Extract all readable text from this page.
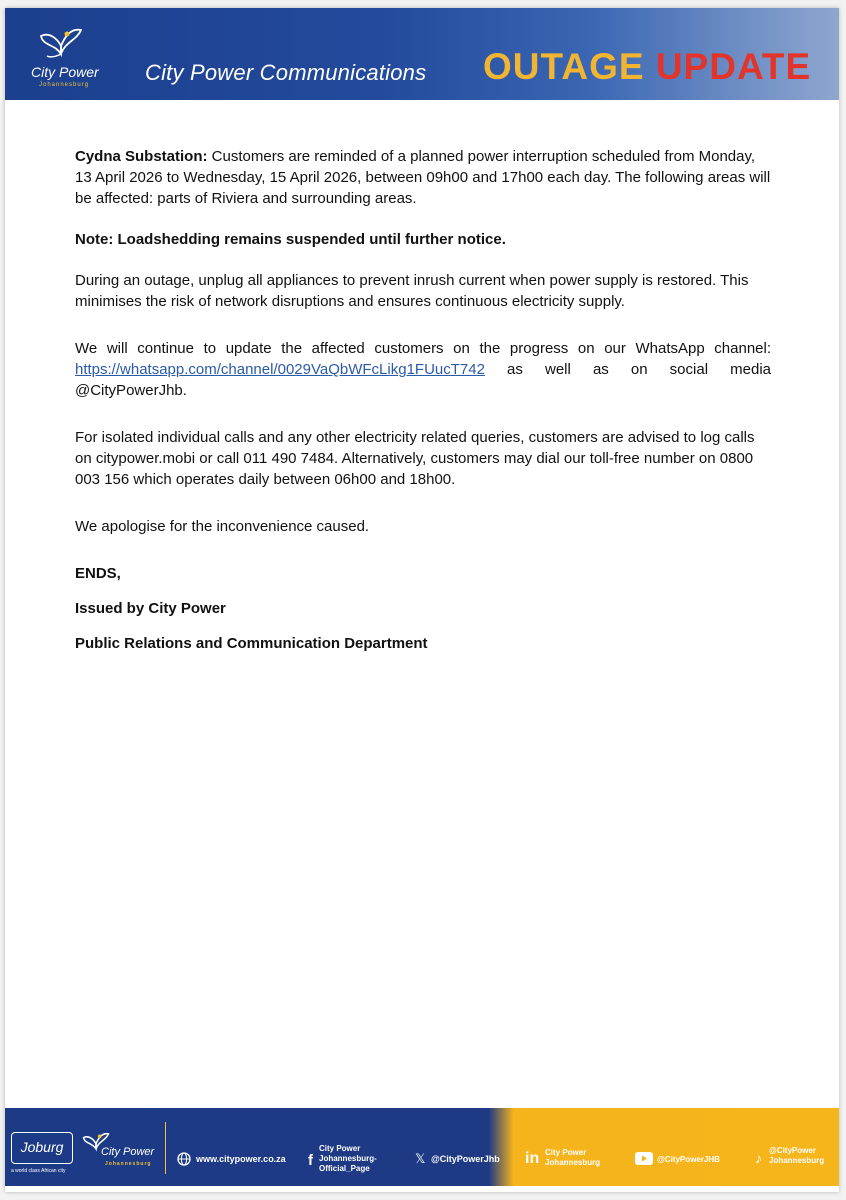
City Power
Johannesburg	City Power Communications OUTAGE UPDATE

Cydna Substation: Customers are reminded of a planned power interruption scheduled from Monday, 13 April 2026 to Wednesday, 15 April 2026, between 09h00 and 17h00 each day. The following areas will be affected: parts of Riviera and surrounding areas.

Note: Loadshedding remains suspended until further notice.

During an outage, unplug all appliances to prevent inrush current when power supply is restored. This minimises the risk of network disruptions and ensures continuous electricity supply.

We will continue to update the affected customers on the progress on our WhatsApp channel: https://whatsapp.com/channel/0029VaQbWFcLikg1FUucT742 as well as on social media @CityPowerJhb.

For isolated individual calls and any other electricity related queries, customers are advised to log calls on citypower.mobi or call 011 490 7484. Alternatively, customers may dial our toll-free number on 0800 003 156 which operates daily between 06h00 and 18h00.

We apologise for the inconvenience caused.

ENDS,

Issued by City Power

Public Relations and Communication Department

Joburg
a world class African city
City Power
Johannesburg	www.citypower.co.za f
City Power Johannesburg-Official_Page
𝕏 @CityPowerJhb in City Power Johannesburg	@CityPowerJHB	♪ @CityPower Johannesburg
